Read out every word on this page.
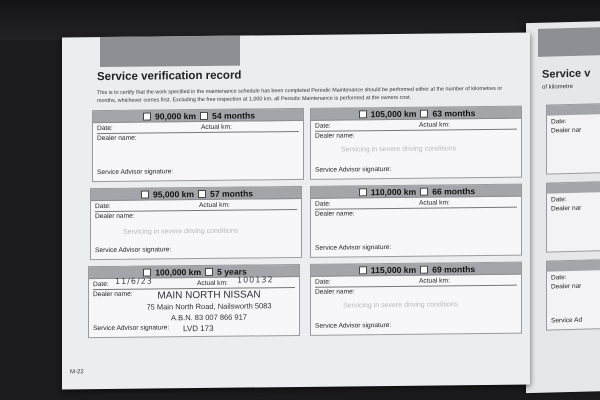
Service v
of kilometre
Date:
Dealer nar
Date:
Dealer nar
Date:
Dealer nar
Service Ad
Service verification record
This is to certify that the work specified in the maintenance schedule has been completed Periodic Maintenance should be performed either at the number of kilometres or months, whichever comes first. Excluding the free inspection at 1,000 km, all Periodic Maintenance is performed at the owners cost.
90,000 km 54 months
Date:	Actual km:
Dealer name:
Service Advisor signature:
105,000 km 63 months
Date:	Actual km:
Dealer name:
Servicing in severe driving conditions
Service Advisor signature:
95,000 km 57 months
Date:	Actual km:
Dealer name:
Servicing in severe driving conditions
Service Advisor signature:
110,000 km 66 months
Date:	Actual km:
Dealer name:
Service Advisor signature:
100,000 km 5 years
Date: 11/6/23	Actual km: 100132
Dealer name:	MAIN NORTH NISSAN
75 Main North Road, Nailsworth 5083
A.B.N. 83 007 866 917
Service Advisor signature: LVD 173
115,000 km 69 months
Date:	Actual km:
Dealer name:
Servicing in severe driving conditions
Service Advisor signature:
M-22
